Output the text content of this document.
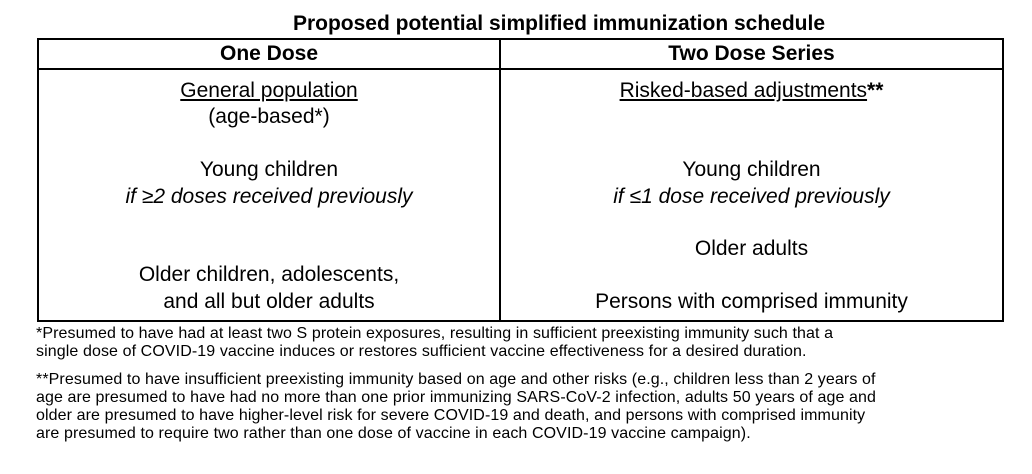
Proposed potential simplified immunization schedule
One Dose
General population
(age-based*)
Young children
if ≥2 doses received previously
Older children, adolescents,
and all but older adults
Two Dose Series
Risked-based adjustments**
Young children
if ≤1 dose received previously
Older adults
Persons with comprised immunity
*Presumed to have had at least two S protein exposures, resulting in sufficient preexisting immunity such that a
single dose of COVID-19 vaccine induces or restores sufficient vaccine effectiveness for a desired duration.
**Presumed to have insufficient preexisting immunity based on age and other risks (e.g., children less than 2 years of
age are presumed to have had no more than one prior immunizing SARS-CoV-2 infection, adults 50 years of age and
older are presumed to have higher-level risk for severe COVID-19 and death, and persons with comprised immunity
are presumed to require two rather than one dose of vaccine in each COVID-19 vaccine campaign).
